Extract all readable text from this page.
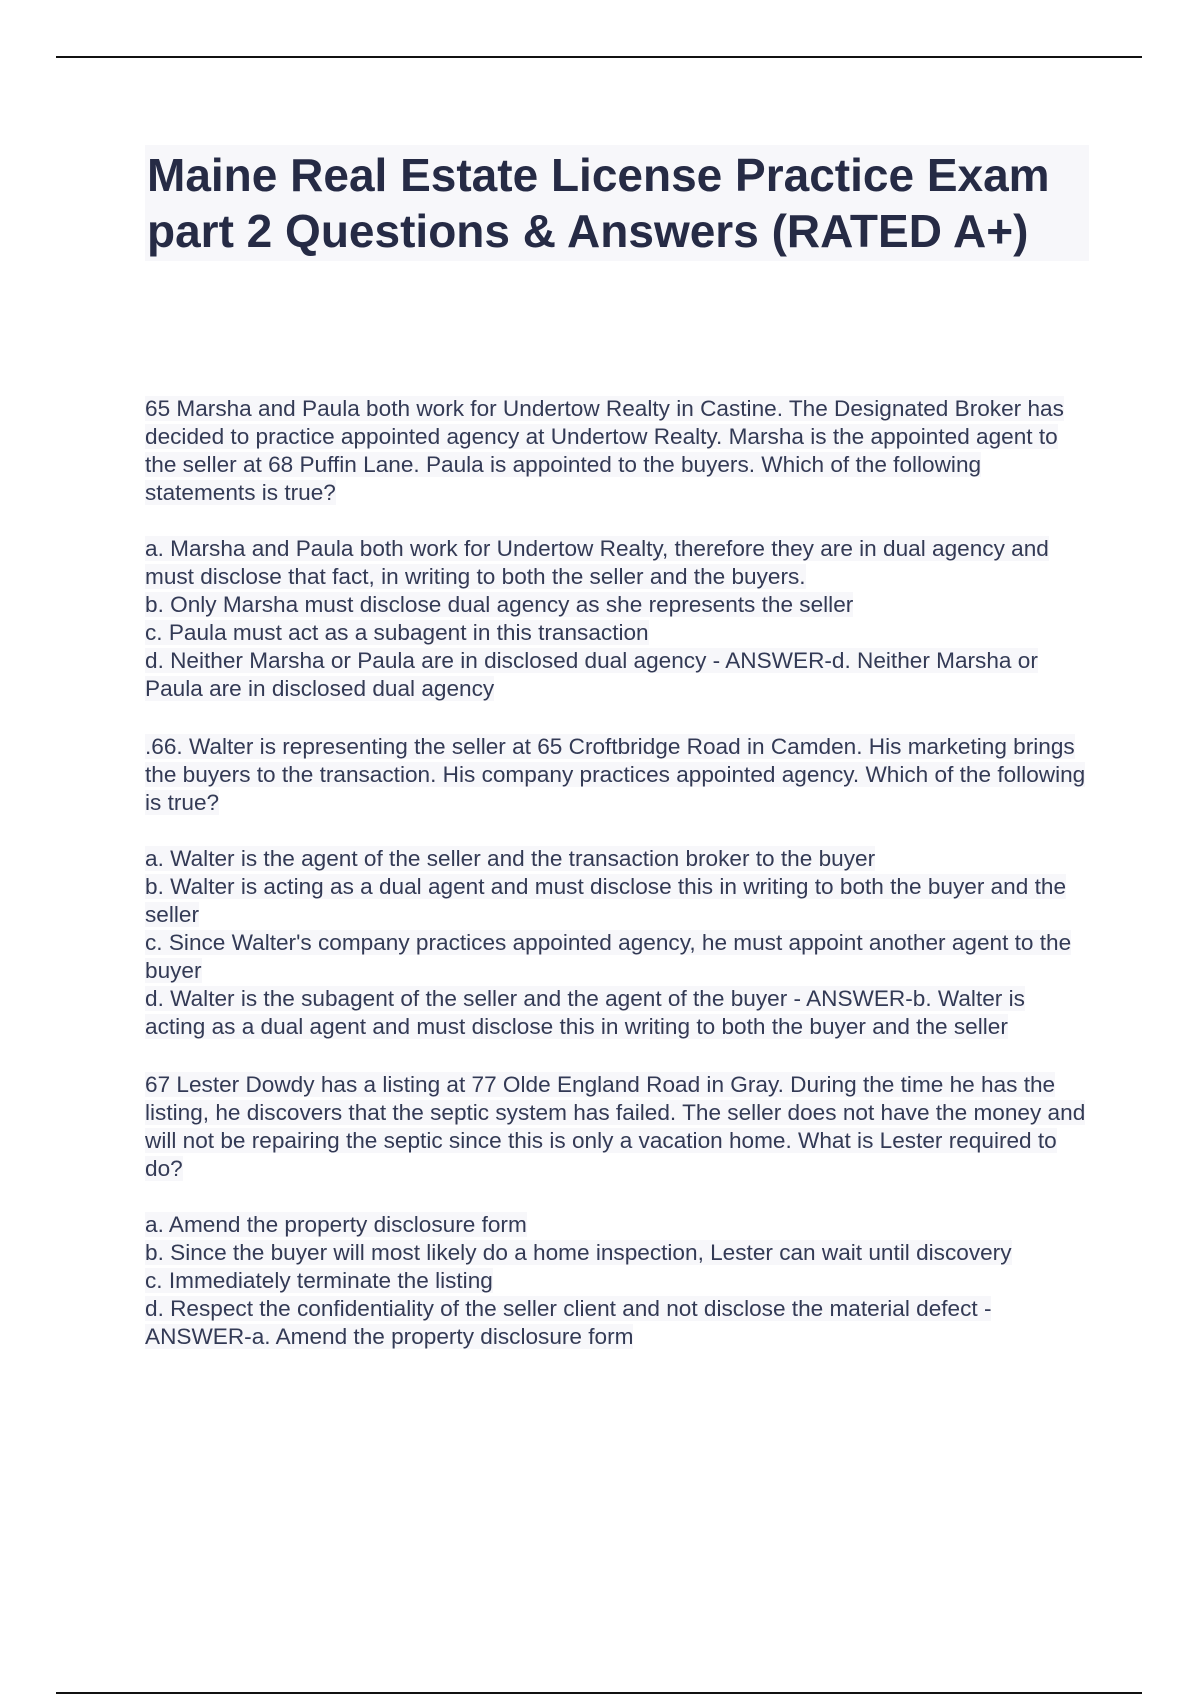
Maine Real Estate License Practice Exam part 2 Questions & Answers (RATED A+)

65 Marsha and Paula both work for Undertow Realty in Castine. The Designated Broker has decided to practice appointed agency at Undertow Realty. Marsha is the appointed agent to the seller at 68 Puffin Lane. Paula is appointed to the buyers. Which of the following statements is true?

a. Marsha and Paula both work for Undertow Realty, therefore they are in dual agency and must disclose that fact, in writing to both the seller and the buyers.

b. Only Marsha must disclose dual agency as she represents the seller

c. Paula must act as a subagent in this transaction

d. Neither Marsha or Paula are in disclosed dual agency - ANSWER-d. Neither Marsha or Paula are in disclosed dual agency

.66. Walter is representing the seller at 65 Croftbridge Road in Camden. His marketing brings the buyers to the transaction. His company practices appointed agency. Which of the following is true?

a. Walter is the agent of the seller and the transaction broker to the buyer

b. Walter is acting as a dual agent and must disclose this in writing to both the buyer and the seller

c. Since Walter's company practices appointed agency, he must appoint another agent to the buyer

d. Walter is the subagent of the seller and the agent of the buyer - ANSWER-b. Walter is acting as a dual agent and must disclose this in writing to both the buyer and the seller

67 Lester Dowdy has a listing at 77 Olde England Road in Gray. During the time he has the listing, he discovers that the septic system has failed. The seller does not have the money and will not be repairing the septic since this is only a vacation home. What is Lester required to do?

a. Amend the property disclosure form

b. Since the buyer will most likely do a home inspection, Lester can wait until discovery

c. Immediately terminate the listing

d. Respect the confidentiality of the seller client and not disclose the material defect - ANSWER-a. Amend the property disclosure form
